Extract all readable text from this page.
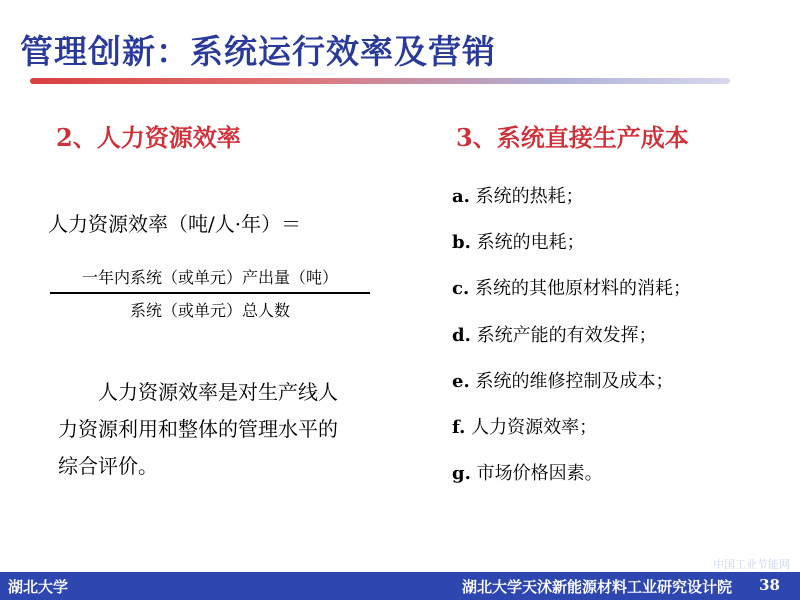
管理创新：系统运行效率及营销
2、人力资源效率
人力资源效率（吨/人·年）＝
一年内系统（或单元）产出量（吨）
系统（或单元）总人数

人力资源效率是对生产线人

力资源利用和整体的管理水平的

综合评价。

3、系统直接生产成本
a. 系统的热耗；
b. 系统的电耗；
c. 系统的其他原材料的消耗；
d. 系统产能的有效发挥；
e. 系统的维修控制及成本；
f. 人力资源效率；
g. 市场价格因素。
中国工业节能网
湖北大学	湖北大学天沭新能源材料工业研究设计院 38
